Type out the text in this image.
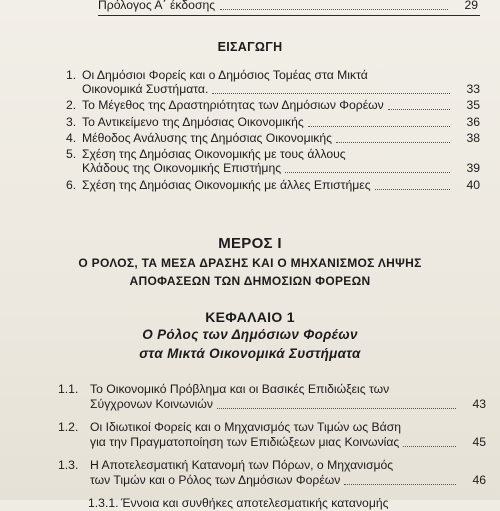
Πρόλογος Α΄ έκδοσης	29
ΕΙΣΑΓΩΓΗ
1. Οι Δημόσιοι Φορείς και ο Δημόσιος Τομέας στα Μικτά
Οικονομικά Συστήματα.	33
2. Το Μέγεθος της Δραστηριότητας των Δημόσιων Φορέων	35
3. Το Αντικείμενο της Δημόσιας Οικονομικής	36
4. Μέθοδος Ανάλυσης της Δημόσιας Οικονομικής	38
5. Σχέση της Δημόσιας Οικονομικής με τους άλλους
Κλάδους της Οικονομικής Επιστήμης	39
6. Σχέση της Δημόσιας Οικονομικής με άλλες Επιστήμες	40
ΜΕΡΟΣ Ι
Ο ΡΟΛΟΣ, ΤΑ ΜΕΣΑ ΔΡΑΣΗΣ ΚΑΙ Ο ΜΗΧΑΝΙΣΜΟΣ ΛΗΨΗΣ
ΑΠΟΦΑΣΕΩΝ ΤΩΝ ΔΗΜΟΣΙΩΝ ΦΟΡΕΩΝ
ΚΕΦΑΛΑΙΟ 1
Ο Ρόλος των Δημόσιων Φορέων
στα Μικτά Οικονομικά Συστήματα
1.1. Το Οικονομικό Πρόβλημα και οι Βασικές Επιδιώξεις των
Σύγχρονων Κοινωνιών	43
1.2. Οι Ιδιωτικοί Φορείς και ο Μηχανισμός των Τιμών ως Βάση
για την Πραγματοποίηση των Επιδιώξεων μιας Κοινωνίας	45
1.3. Η Αποτελεσματική Κατανομή των Πόρων, ο Μηχανισμός
των Τιμών και ο Ρόλος των Δημόσιων Φορέων	46
1.3.1. Έννοια και συνθήκες αποτελεσματικής κατανομής
